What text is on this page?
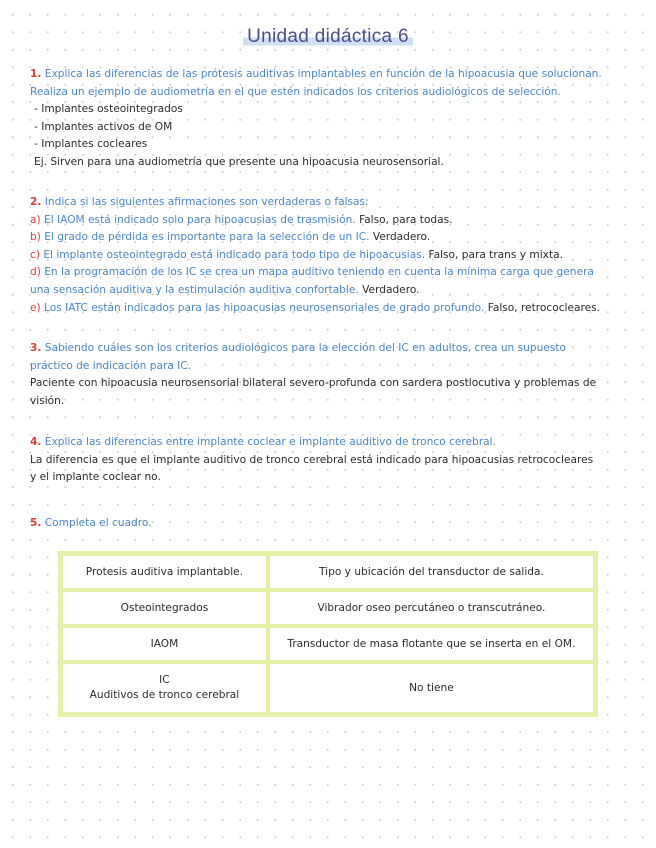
Unidad didáctica 6
1. Explica las diferencias de las prótesis auditivas implantables en función de la hipoacusia que solucionan.
Realiza un ejemplo de audiometría en el que estén indicados los criterios audiológicos de selección.
- Implantes osteointegrados
- Implantes activos de OM
- Implantes cocleares
Ej. Sirven para una audiometría que presente una hipoacusia neurosensorial.
2. Indica si las siguientes afirmaciones son verdaderas o falsas:
a) El IAOM está indicado solo para hipoacusias de trasmisión. Falso, para todas.
b) El grado de pérdida es importante para la selección de un IC. Verdadero.
c) El implante osteointegrado está indicado para todo tipo de hipoacusias. Falso, para trans y mixta.
d) En la programación de los IC se crea un mapa auditivo teniendo en cuenta la mínima carga que genera
una sensación auditiva y la estimulación auditiva confortable. Verdadero.
e) Los IATC están indicados para las hipoacusias neurosensoriales de grado profundo. Falso, retrococleares.
3. Sabiendo cuáles son los criterios audiológicos para la elección del IC en adultos, crea un supuesto
práctico de indicación para IC.
Paciente con hipoacusia neurosensorial bilateral severo-profunda con sardera postlocutiva y problemas de
visión.
4. Explica las diferencias entre implante coclear e implante auditivo de tronco cerebral.
La diferencia es que el implante auditivo de tronco cerebral está indicado para hipoacusias retrococleares
y el implante coclear no.
5. Completa el cuadro.
Protesis auditiva implantable.	Tipo y ubicación del transductor de salida.
Osteointegrados	Vibrador oseo percutáneo o transcutráneo.
IAOM	Transductor de masa flotante que se inserta en el OM.

IC
Auditivos de tronco cerebral	No tiene
